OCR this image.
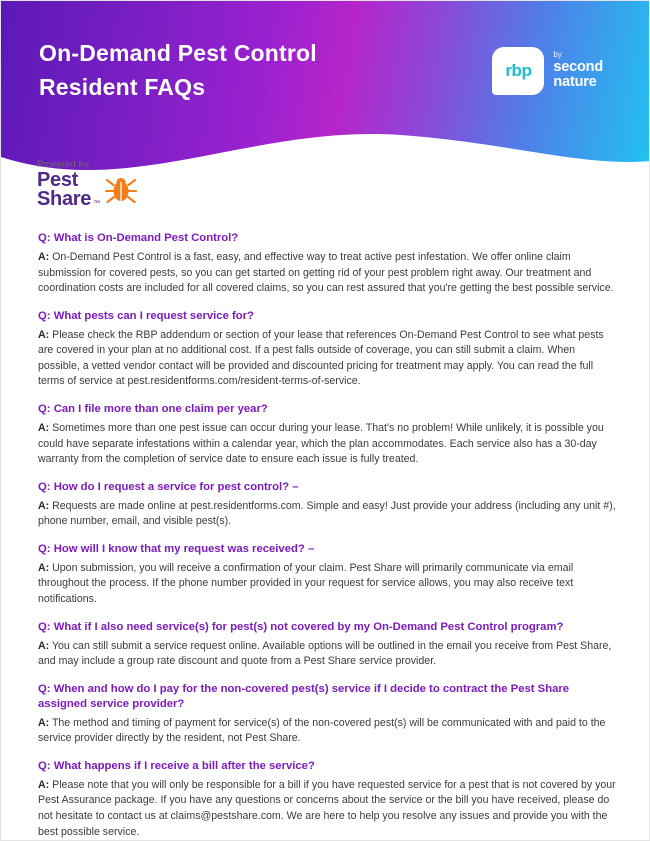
On-Demand Pest Control
Resident FAQs
rbp
by
second
nature
Powered by
Pest
Share ™
Q: What is On-Demand Pest Control?
A: On-Demand Pest Control is a fast, easy, and effective way to treat active pest infestation. We offer online claim submission for covered pests, so you can get started on getting rid of your pest problem right away. Our treatment and coordination costs are included for all covered claims, so you can rest assured that you're getting the best possible service.
Q: What pests can I request service for?
A: Please check the RBP addendum or section of your lease that references On-Demand Pest Control to see what pests are covered in your plan at no additional cost. If a pest falls outside of coverage, you can still submit a claim. When possible, a vetted vendor contact will be provided and discounted pricing for treatment may apply. You can read the full terms of service at pest.residentforms.com/resident-terms-of-service.
Q: Can I file more than one claim per year?
A: Sometimes more than one pest issue can occur during your lease. That's no problem! While unlikely, it is possible you could have separate infestations within a calendar year, which the plan accommodates. Each service also has a 30-day warranty from the completion of service date to ensure each issue is fully treated.
Q: How do I request a service for pest control? –
A: Requests are made online at pest.residentforms.com. Simple and easy! Just provide your address (including any unit #), phone number, email, and visible pest(s).
Q: How will I know that my request was received? –
A: Upon submission, you will receive a confirmation of your claim. Pest Share will primarily communicate via email throughout the process. If the phone number provided in your request for service allows, you may also receive text notifications.
Q: What if I also need service(s) for pest(s) not covered by my On-Demand Pest Control program?
A: You can still submit a service request online. Available options will be outlined in the email you receive from Pest Share, and may include a group rate discount and quote from a Pest Share service provider.
Q: When and how do I pay for the non-covered pest(s) service if I decide to contract the Pest Share assigned service provider?
A: The method and timing of payment for service(s) of the non-covered pest(s) will be communicated with and paid to the service provider directly by the resident, not Pest Share.
Q: What happens if I receive a bill after the service?
A: Please note that you will only be responsible for a bill if you have requested service for a pest that is not covered by your Pest Assurance package. If you have any questions or concerns about the service or the bill you have received, please do not hesitate to contact us at claims@pestshare.com. We are here to help you resolve any issues and provide you with the best possible service.
